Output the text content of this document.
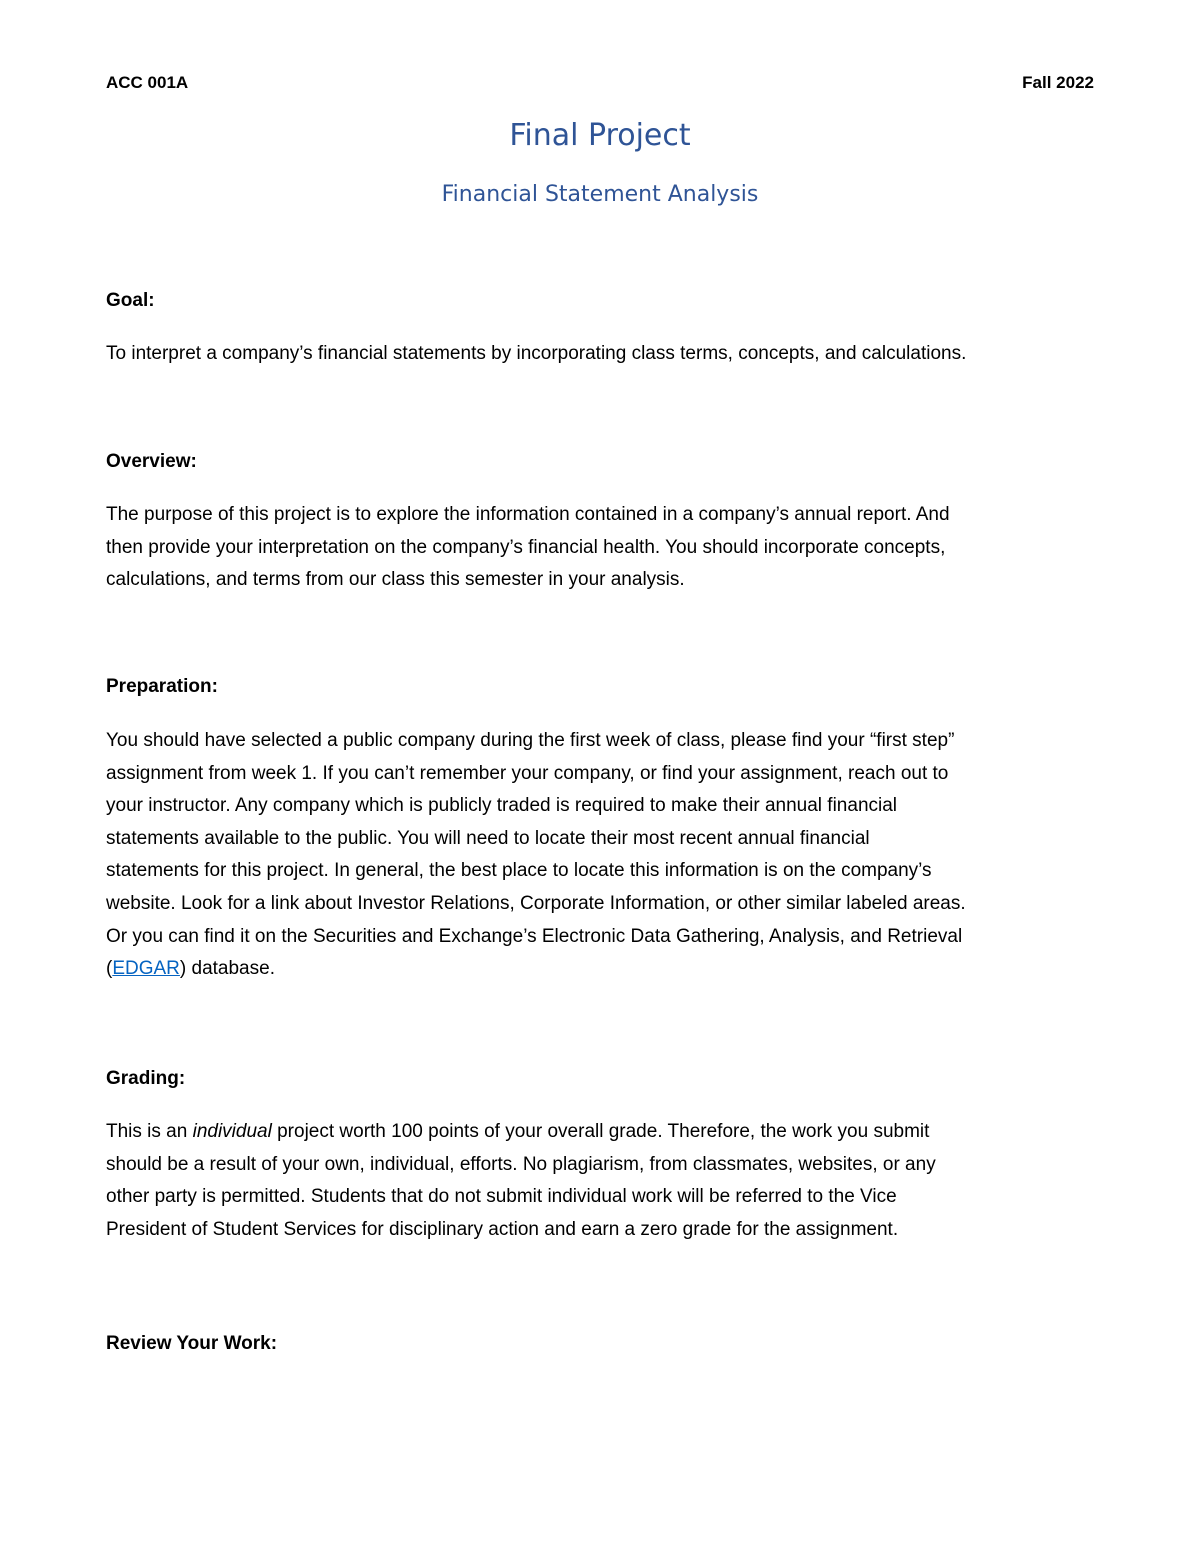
ACC 001A	Fall 2022
Final Project
Financial Statement Analysis
Goal:
To interpret a company’s financial statements by incorporating class terms, concepts, and calculations.
Overview:
The purpose of this project is to explore the information contained in a company’s annual report. And
then provide your interpretation on the company’s financial health. You should incorporate concepts,
calculations, and terms from our class this semester in your analysis.
Preparation:
You should have selected a public company during the first week of class, please find your “first step”
assignment from week 1. If you can’t remember your company, or find your assignment, reach out to
your instructor. Any company which is publicly traded is required to make their annual financial
statements available to the public. You will need to locate their most recent annual financial
statements for this project. In general, the best place to locate this information is on the company’s
website. Look for a link about Investor Relations, Corporate Information, or other similar labeled areas.
Or you can find it on the Securities and Exchange’s Electronic Data Gathering, Analysis, and Retrieval
(EDGAR) database.
Grading:
This is an individual project worth 100 points of your overall grade. Therefore, the work you submit
should be a result of your own, individual, efforts. No plagiarism, from classmates, websites, or any
other party is permitted. Students that do not submit individual work will be referred to the Vice
President of Student Services for disciplinary action and earn a zero grade for the assignment.
Review Your Work:
